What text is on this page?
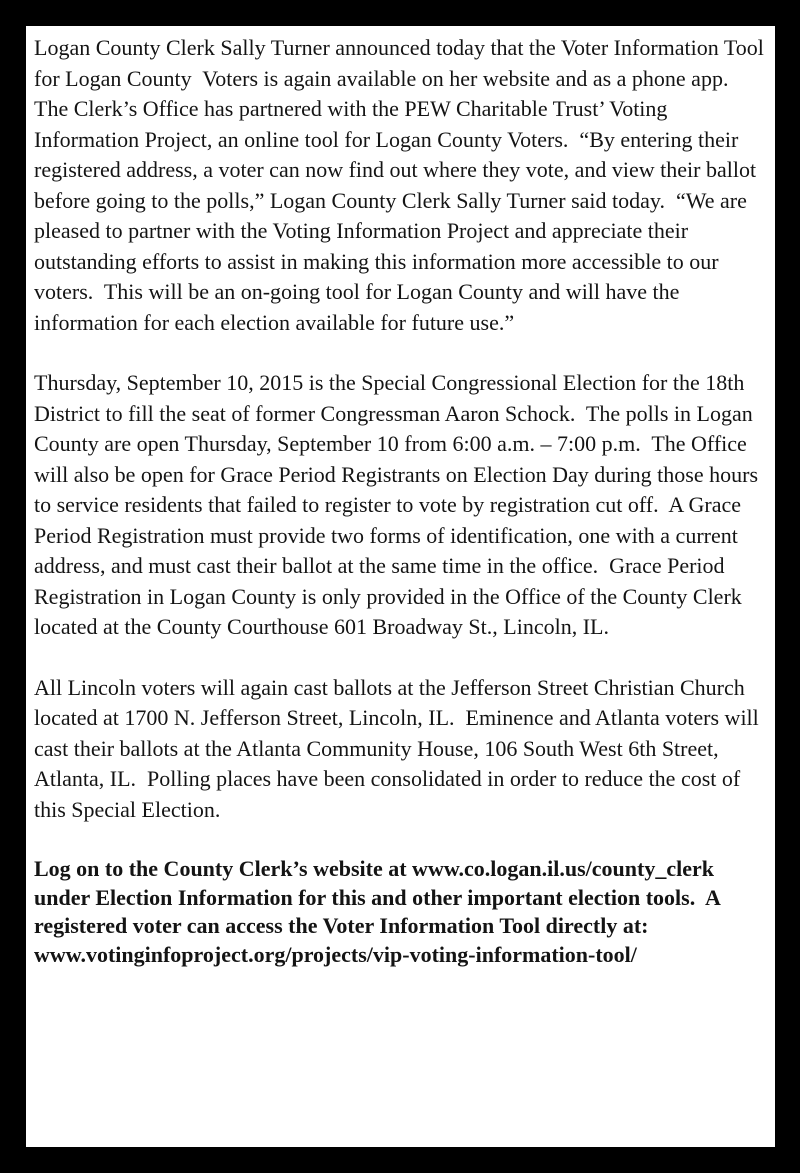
Logan County Clerk Sally Turner announced today that the Voter Information Tool for Logan County  Voters is again available on her website and as a phone app.  The Clerk’s Office has partnered with the PEW Charitable Trust’ Voting Information Project, an online tool for Logan County Voters.  “By entering their registered address, a voter can now find out where they vote, and view their ballot before going to the polls,” Logan County Clerk Sally Turner said today.  “We are pleased to partner with the Voting Information Project and appreciate their outstanding efforts to assist in making this information more accessible to our voters.  This will be an on-going tool for Logan County and will have the information for each election available for future use.”

Thursday, September 10, 2015 is the Special Congressional Election for the 18th District to fill the seat of former Congressman Aaron Schock.  The polls in Logan County are open Thursday, September 10 from 6:00 a.m. – 7:00 p.m.  The Office will also be open for Grace Period Registrants on Election Day during those hours to service residents that failed to register to vote by registration cut off.  A Grace Period Registration must provide two forms of identification, one with a current address, and must cast their ballot at the same time in the office.  Grace Period Registration in Logan County is only provided in the Office of the County Clerk located at the County Courthouse 601 Broadway St., Lincoln, IL.

All Lincoln voters will again cast ballots at the Jefferson Street Christian Church located at 1700 N. Jefferson Street, Lincoln, IL.  Eminence and Atlanta voters will cast their ballots at the Atlanta Community House, 106 South West 6th Street, Atlanta, IL.  Polling places have been consolidated in order to reduce the cost of this Special Election.

Log on to the County Clerk’s website at www.co.logan.il.us/county_clerk under Election Information for this and other important election tools.  A registered voter can access the Voter Information Tool directly at: www.votinginfoproject.org/projects/vip-voting-information-tool/
